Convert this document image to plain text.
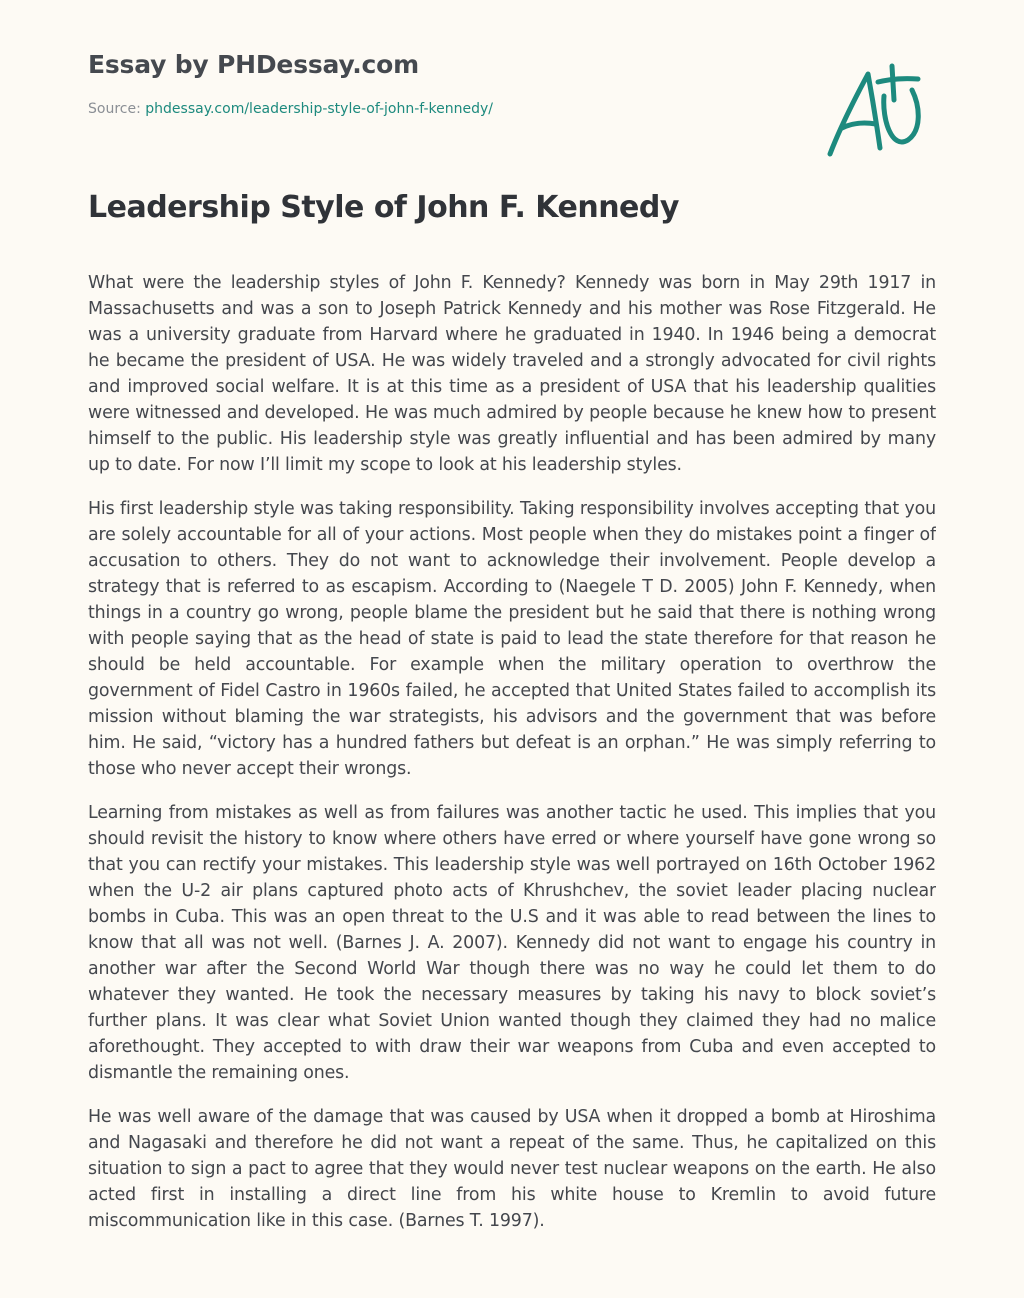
Essay by PHDessay.com
Source: phdessay.com/leadership-style-of-john-f-kennedy/
Leadership Style of John F. Kennedy

What were the leadership styles of John F. Kennedy? Kennedy was born in May 29th 1917 in Massachusetts and was a son to Joseph Patrick Kennedy and his mother was Rose Fitzgerald. He was a university graduate from Harvard where he graduated in 1940. In 1946 being a democrat he became the president of USA. He was widely traveled and a strongly advocated for civil rights and improved social welfare. It is at this time as a president of USA that his leadership qualities were witnessed and developed. He was much admired by people because he knew how to present himself to the public. His leadership style was greatly influential and has been admired by many up to date. For now I’ll limit my scope to look at his leadership styles.

His first leadership style was taking responsibility. Taking responsibility involves accepting that you are solely accountable for all of your actions. Most people when they do mistakes point a finger of accusation to others. They do not want to acknowledge their involvement. People develop a strategy that is referred to as escapism. According to (Naegele T D. 2005) John F. Kennedy, when things in a country go wrong, people blame the president but he said that there is nothing wrong with people saying that as the head of state is paid to lead the state therefore for that reason he should be held accountable. For example when the military operation to overthrow the government of Fidel Castro in 1960s failed, he accepted that United States failed to accomplish its mission without blaming the war strategists, his advisors and the government that was before him. He said, “victory has a hundred fathers but defeat is an orphan.” He was simply referring to those who never accept their wrongs.

Learning from mistakes as well as from failures was another tactic he used. This implies that you should revisit the history to know where others have erred or where yourself have gone wrong so that you can rectify your mistakes. This leadership style was well portrayed on 16th October 1962 when the U-2 air plans captured photo acts of Khrushchev, the soviet leader placing nuclear bombs in Cuba. This was an open threat to the U.S and it was able to read between the lines to know that all was not well. (Barnes J. A. 2007). Kennedy did not want to engage his country in another war after the Second World War though there was no way he could let them to do whatever they wanted. He took the necessary measures by taking his navy to block soviet’s further plans. It was clear what Soviet Union wanted though they claimed they had no malice aforethought. They accepted to with draw their war weapons from Cuba and even accepted to dismantle the remaining ones.

He was well aware of the damage that was caused by USA when it dropped a bomb at Hiroshima and Nagasaki and therefore he did not want a repeat of the same. Thus, he capitalized on this situation to sign a pact to agree that they would never test nuclear weapons on the earth. He also acted first in installing a direct line from his white house to Kremlin to avoid future miscommunication like in this case. (Barnes T. 1997).
